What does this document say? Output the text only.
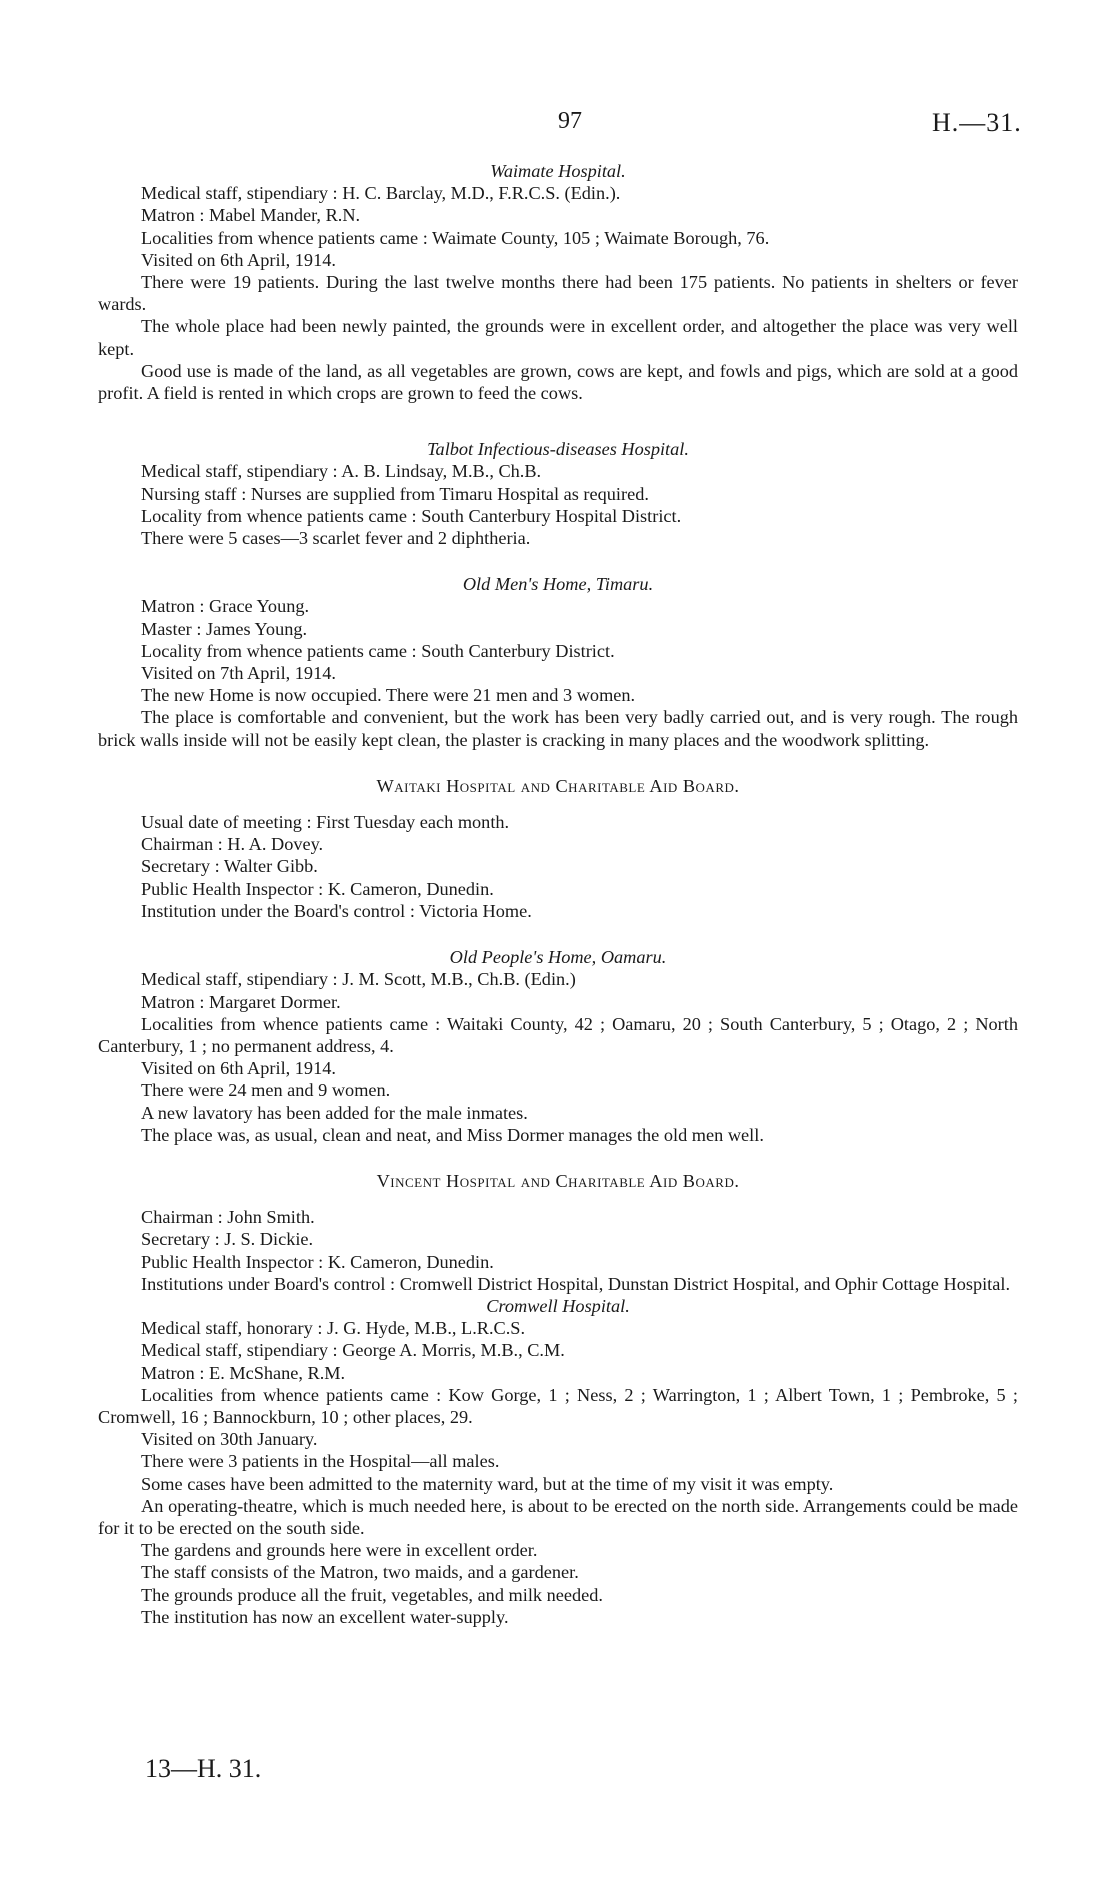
97	H.—31.

Waimate Hospital.

Medical staff, stipendiary : H. C. Barclay, M.D., F.R.C.S. (Edin.).

Matron : Mabel Mander, R.N.

Localities from whence patients came : Waimate County, 105 ; Waimate Borough, 76.

Visited on 6th April, 1914.

There were 19 patients. During the last twelve months there had been 175 patients. No patients in shelters or fever wards.

The whole place had been newly painted, the grounds were in excellent order, and altogether the place was very well kept.

Good use is made of the land, as all vegetables are grown, cows are kept, and fowls and pigs, which are sold at a good profit. A field is rented in which crops are grown to feed the cows.

Talbot Infectious-diseases Hospital.

Medical staff, stipendiary : A. B. Lindsay, M.B., Ch.B.

Nursing staff : Nurses are supplied from Timaru Hospital as required.

Locality from whence patients came : South Canterbury Hospital District.

There were 5 cases—3 scarlet fever and 2 diphtheria.

Old Men's Home, Timaru.

Matron : Grace Young.

Master : James Young.

Locality from whence patients came : South Canterbury District.

Visited on 7th April, 1914.

The new Home is now occupied. There were 21 men and 3 women.

The place is comfortable and convenient, but the work has been very badly carried out, and is very rough. The rough brick walls inside will not be easily kept clean, the plaster is cracking in many places and the woodwork splitting.

Waitaki Hospital and Charitable Aid Board.

Usual date of meeting : First Tuesday each month.

Chairman : H. A. Dovey.

Secretary : Walter Gibb.

Public Health Inspector : K. Cameron, Dunedin.

Institution under the Board's control : Victoria Home.

Old People's Home, Oamaru.

Medical staff, stipendiary : J. M. Scott, M.B., Ch.B. (Edin.)

Matron : Margaret Dormer.

Localities from whence patients came : Waitaki County, 42 ; Oamaru, 20 ; South Canterbury, 5 ; Otago, 2 ; North Canterbury, 1 ; no permanent address, 4.

Visited on 6th April, 1914.

There were 24 men and 9 women.

A new lavatory has been added for the male inmates.

The place was, as usual, clean and neat, and Miss Dormer manages the old men well.

Vincent Hospital and Charitable Aid Board.

Chairman : John Smith.

Secretary : J. S. Dickie.

Public Health Inspector : K. Cameron, Dunedin.

Institutions under Board's control : Cromwell District Hospital, Dunstan District Hospital, and Ophir Cottage Hospital.

Cromwell Hospital.

Medical staff, honorary : J. G. Hyde, M.B., L.R.C.S.

Medical staff, stipendiary : George A. Morris, M.B., C.M.

Matron : E. McShane, R.M.

Localities from whence patients came : Kow Gorge, 1 ; Ness, 2 ; Warrington, 1 ; Albert Town, 1 ; Pembroke, 5 ; Cromwell, 16 ; Bannockburn, 10 ; other places, 29.

Visited on 30th January.

There were 3 patients in the Hospital—all males.

Some cases have been admitted to the maternity ward, but at the time of my visit it was empty.

An operating-theatre, which is much needed here, is about to be erected on the north side. Arrangements could be made for it to be erected on the south side.

The gardens and grounds here were in excellent order.

The staff consists of the Matron, two maids, and a gardener.

The grounds produce all the fruit, vegetables, and milk needed.

The institution has now an excellent water-supply.

13—H. 31.
